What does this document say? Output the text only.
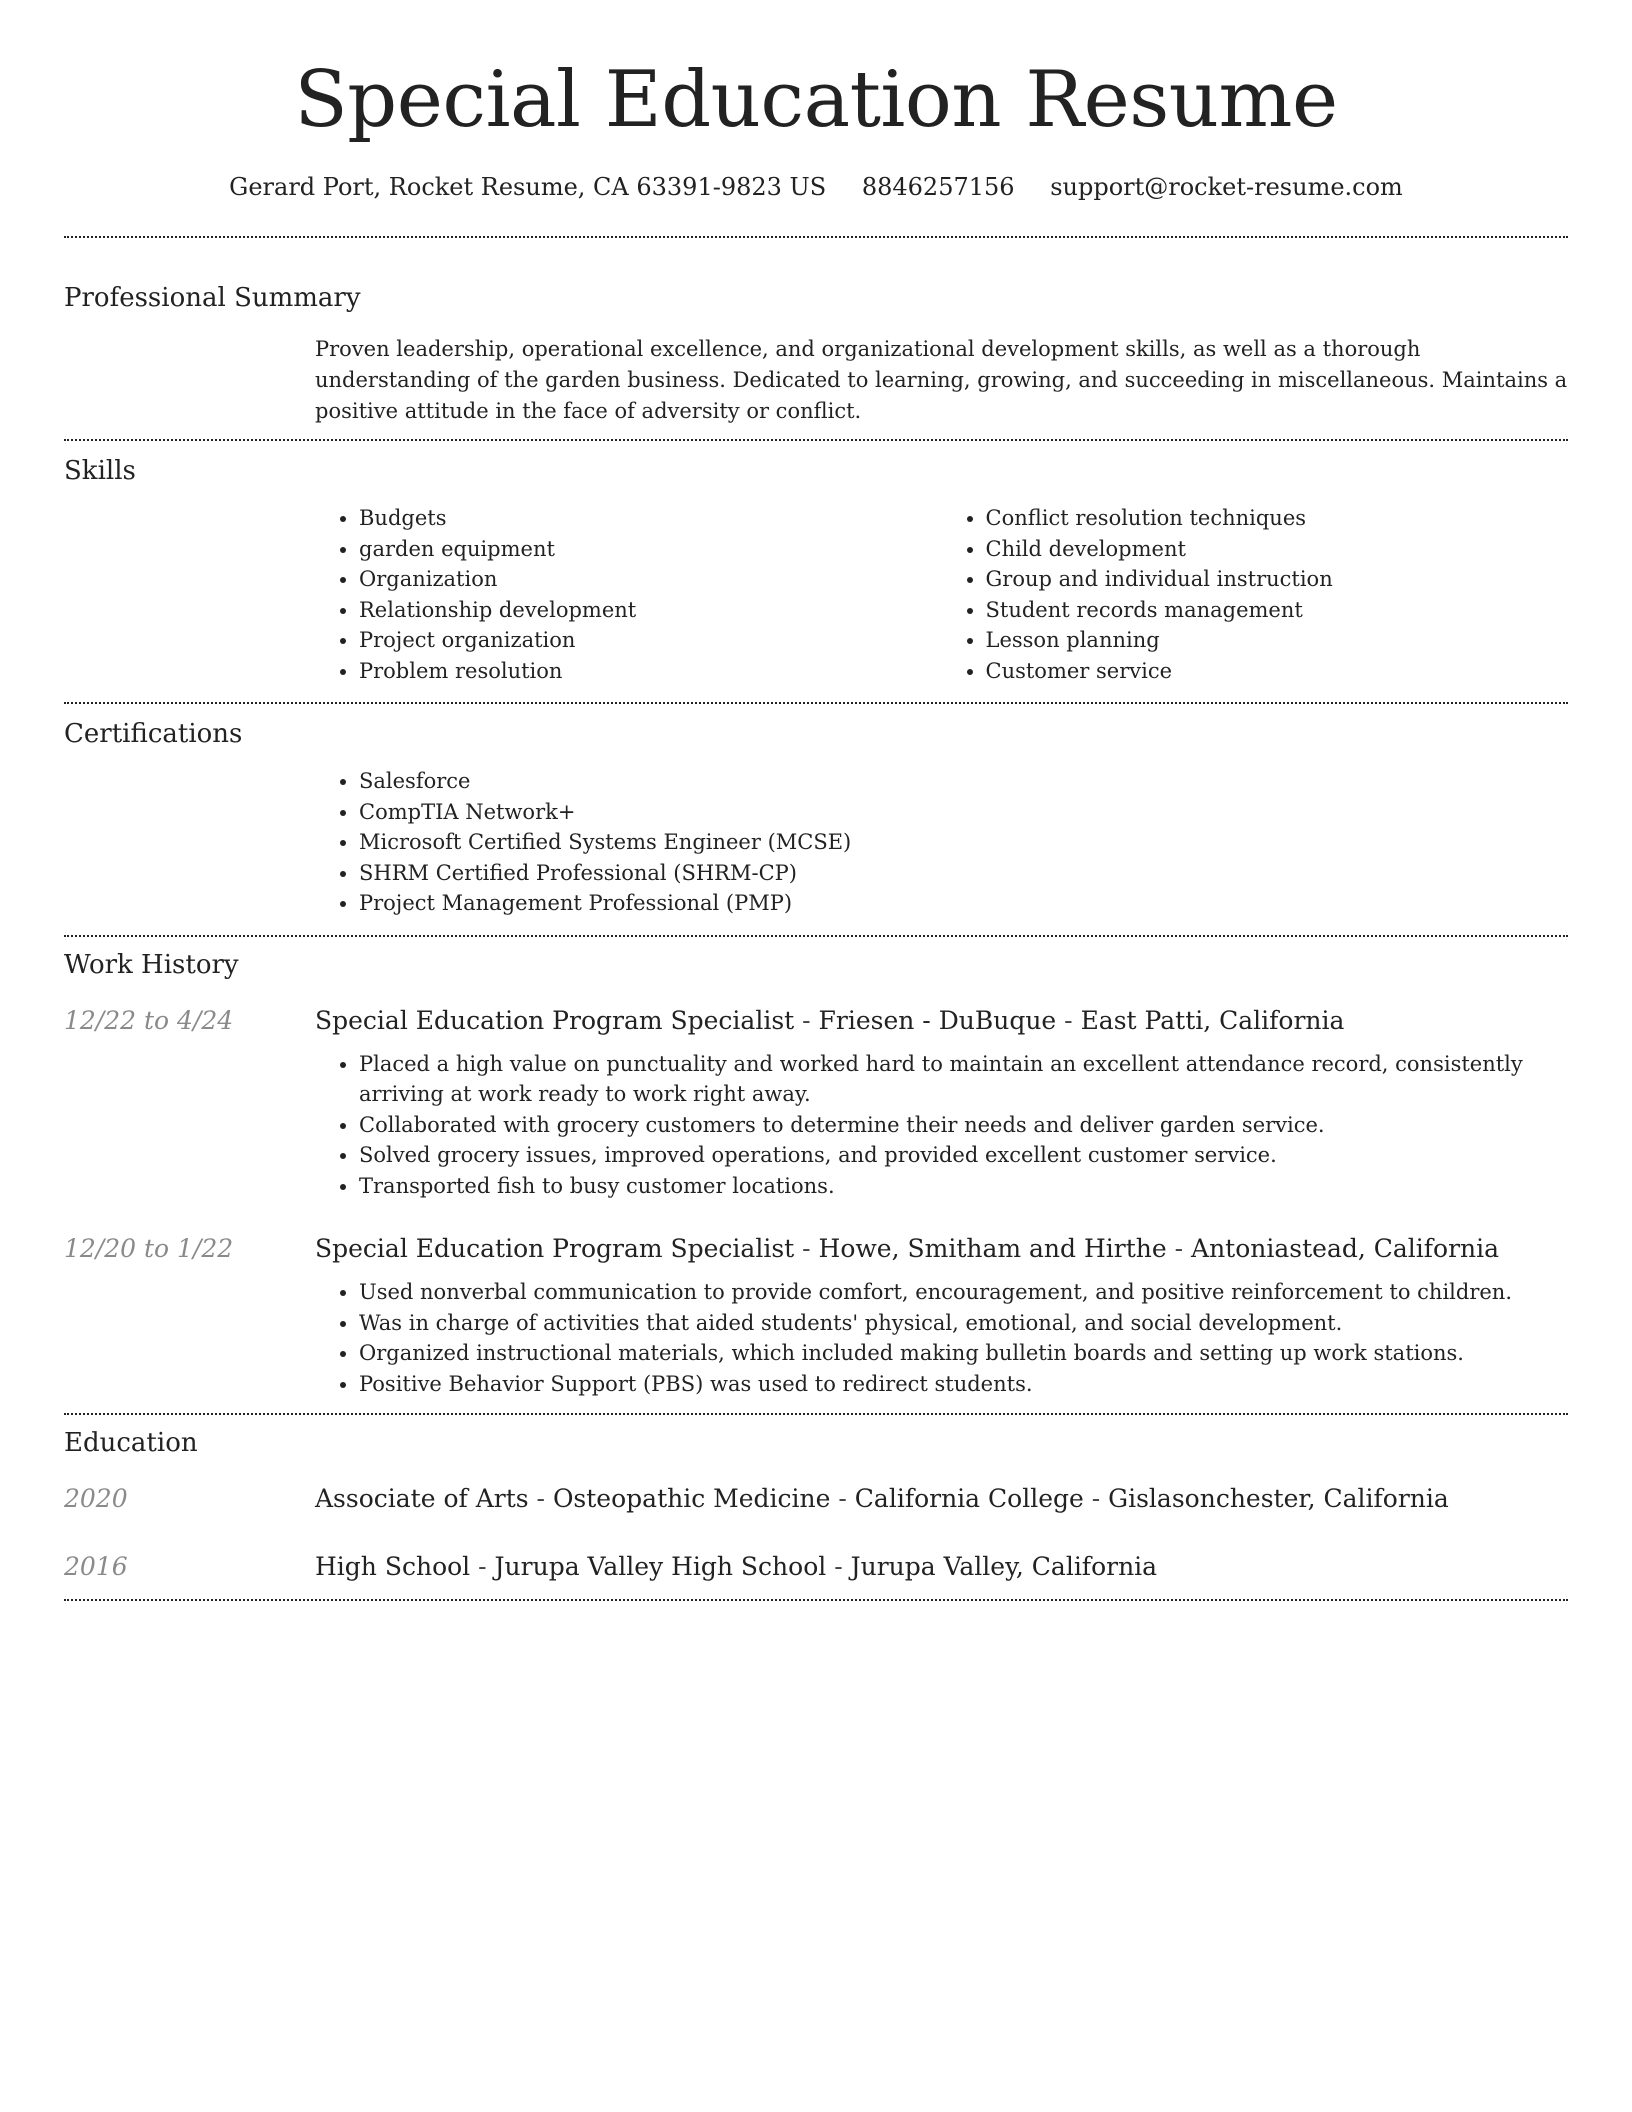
Special Education Resume
Gerard Port, Rocket Resume, CA 63391-9823 US 8846257156 support@rocket-resume.com
Professional Summary
Proven leadership, operational excellence, and organizational development skills, as well as a thorough understanding of the garden business. Dedicated to learning, growing, and succeeding in miscellaneous. Maintains a positive attitude in the face of adversity or conflict.
Skills
• Budgets
• garden equipment
• Organization
• Relationship development
• Project organization
• Problem resolution
• Conflict resolution techniques
• Child development
• Group and individual instruction
• Student records management
• Lesson planning
• Customer service
Certifications
• Salesforce
• CompTIA Network+
• Microsoft Certified Systems Engineer (MCSE)
• SHRM Certified Professional (SHRM-CP)
• Project Management Professional (PMP)
Work History
12/22 to 4/24	Special Education Program Specialist - Friesen - DuBuque - East Patti, California
• Placed a high value on punctuality and worked hard to maintain an excellent attendance record, consistently arriving at work ready to work right away.
• Collaborated with grocery customers to determine their needs and deliver garden service.
• Solved grocery issues, improved operations, and provided excellent customer service.
• Transported fish to busy customer locations.
12/20 to 1/22	Special Education Program Specialist - Howe, Smitham and Hirthe - Antoniastead, California
• Used nonverbal communication to provide comfort, encouragement, and positive reinforcement to children.
• Was in charge of activities that aided students' physical, emotional, and social development.
• Organized instructional materials, which included making bulletin boards and setting up work stations.
• Positive Behavior Support (PBS) was used to redirect students.
Education
2020	Associate of Arts - Osteopathic Medicine - California College - Gislasonchester, California
2016	High School - Jurupa Valley High School - Jurupa Valley, California
